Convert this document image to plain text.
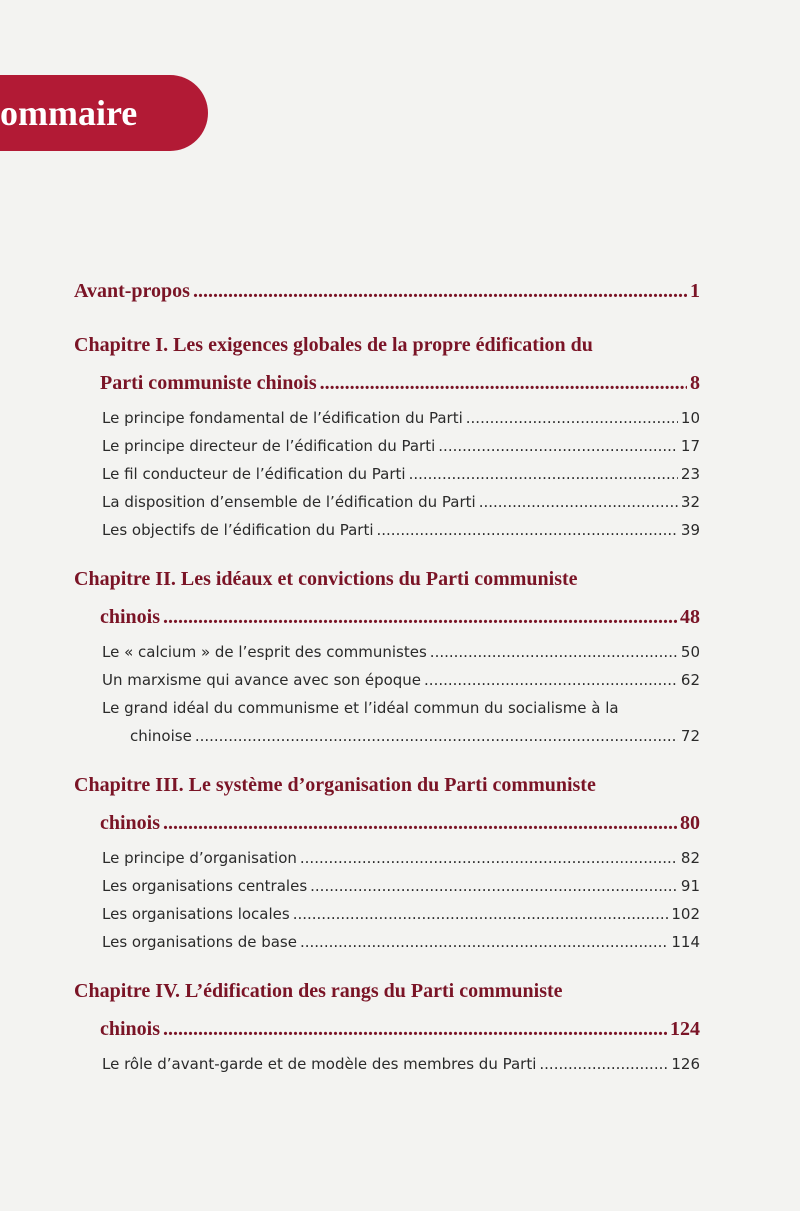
ommaire
Avant-propos .....	1
Chapitre I. Les exigences globales de la propre édification du
Parti communiste chinois .....	8
Le principe fondamental de l’édification du Parti .....	10
Le principe directeur de l’édification du Parti .....	17
Le fil conducteur de l’édification du Parti .....	23
La disposition d’ensemble de l’édification du Parti .....	32
Les objectifs de l’édification du Parti .....	39
Chapitre II. Les idéaux et convictions du Parti communiste
chinois .....	48
Le « calcium » de l’esprit des communistes .....	50
Un marxisme qui avance avec son époque .....	62
Le grand idéal du communisme et l’idéal commun du socialisme à la
chinoise .....	72
Chapitre III. Le système d’organisation du Parti communiste
chinois .....	80
Le principe d’organisation .....	82
Les organisations centrales .....	91
Les organisations locales .....	102
Les organisations de base .....	114
Chapitre IV. L’édification des rangs du Parti communiste
chinois .....	124
Le rôle d’avant-garde et de modèle des membres du Parti .....	126
